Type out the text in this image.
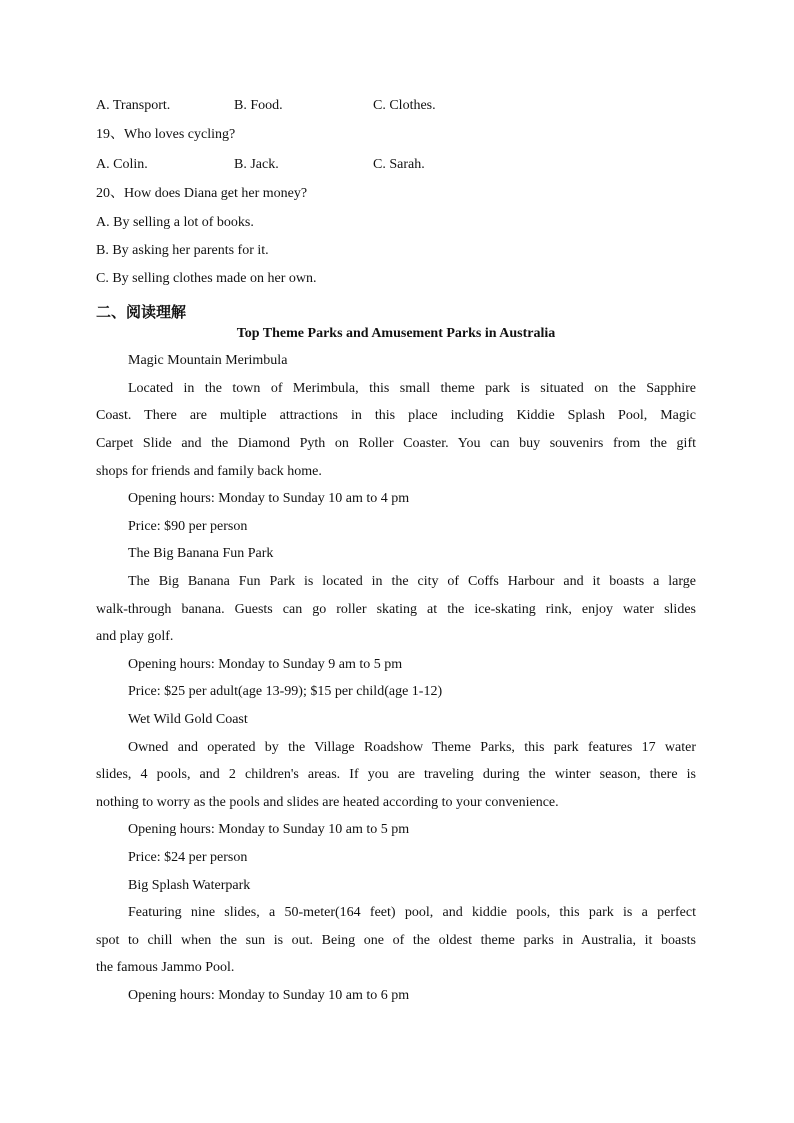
A. Transport.	B. Food.	C. Clothes.
19、Who loves cycling?
A. Colin.	B. Jack.	C. Sarah.
20、How does Diana get her money?
A. By selling a lot of books.
B. By asking her parents for it.
C. By selling clothes made on her own.
二、阅读理解
Top Theme Parks and Amusement Parks in Australia
Magic Mountain Merimbula
Located in the town of Merimbula, this small theme park is situated on the Sapphire
Coast. There are multiple attractions in this place including Kiddie Splash Pool, Magic
Carpet Slide and the Diamond Pyth on Roller Coaster. You can buy souvenirs from the gift
shops for friends and family back home.
Opening hours: Monday to Sunday 10 am to 4 pm
Price: $90 per person
The Big Banana Fun Park
The Big Banana Fun Park is located in the city of Coffs Harbour and it boasts a large
walk-through banana. Guests can go roller skating at the ice-skating rink, enjoy water slides
and play golf.
Opening hours: Monday to Sunday 9 am to 5 pm
Price: $25 per adult(age 13-99); $15 per child(age 1-12)
Wet Wild Gold Coast
Owned and operated by the Village Roadshow Theme Parks, this park features 17 water
slides, 4 pools, and 2 children's areas. If you are traveling during the winter season, there is
nothing to worry as the pools and slides are heated according to your convenience.
Opening hours: Monday to Sunday 10 am to 5 pm
Price: $24 per person
Big Splash Waterpark
Featuring nine slides, a 50-meter(164 feet) pool, and kiddie pools, this park is a perfect
spot to chill when the sun is out. Being one of the oldest theme parks in Australia, it boasts
the famous Jammo Pool.
Opening hours: Monday to Sunday 10 am to 6 pm
